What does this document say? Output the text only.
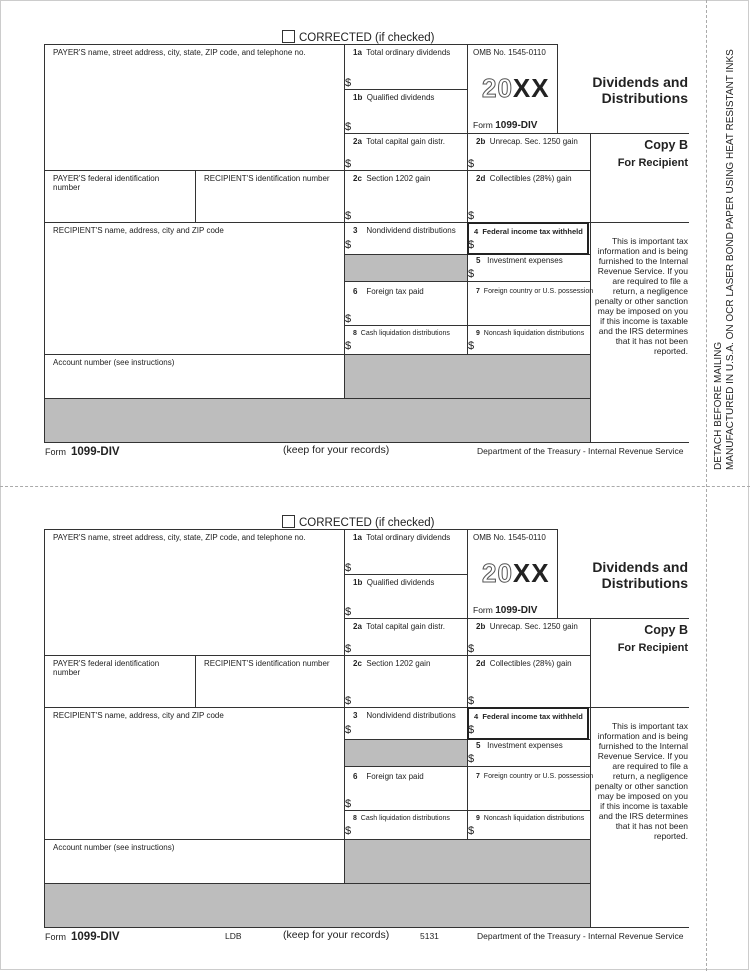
DETACH BEFORE MAILING MANUFACTURED IN U.S.A. ON OCR LASER BOND PAPER USING HEAT RESISTANT INKS
CORRECTED (if checked)
PAYER'S name, street address, city, state, ZIP code, and telephone no.
PAYER'S federal identification number
RECIPIENT'S identification number
RECIPIENT'S name, address, city and ZIP code
Account number (see instructions)
1a Total ordinary dividends
$
1b Qualified dividends
$
2a Total capital gain distr.
$
2b Unrecap. Sec. 1250 gain
$
2c Section 1202 gain
$
2d Collectibles (28%) gain
$
3 Nondividend distributions
$
4 Federal income tax withheld
$
5 Investment expenses
$
6 Foreign tax paid
$
7 Foreign country or U.S. possession
8 Cash liquidation distributions
$
9 Noncash liquidation distributions
$
OMB No. 1545-0110
20XX
Form 1099-DIV
Dividends and Distributions
Copy B
For Recipient
This is important tax information and is being furnished to the Internal Revenue Service. If you are required to file a return, a negligence penalty or other sanction may be imposed on you if this income is taxable and the IRS determines that it has not been reported.
Form 1099-DIV	(keep for your records)	Department of the Treasury - Internal Revenue Service
CORRECTED (if checked)
PAYER'S name, street address, city, state, ZIP code, and telephone no.
PAYER'S federal identification number
RECIPIENT'S identification number
RECIPIENT'S name, address, city and ZIP code
Account number (see instructions)
1a Total ordinary dividends
$
1b Qualified dividends
$
2a Total capital gain distr.
$
2b Unrecap. Sec. 1250 gain
$
2c Section 1202 gain
$
2d Collectibles (28%) gain
$
3 Nondividend distributions
$
4 Federal income tax withheld
$
5 Investment expenses
$
6 Foreign tax paid
$
7 Foreign country or U.S. possession
8 Cash liquidation distributions
$
9 Noncash liquidation distributions
$
OMB No. 1545-0110
20XX
Form 1099-DIV
Dividends and Distributions
Copy B
For Recipient
This is important tax information and is being furnished to the Internal Revenue Service. If you are required to file a return, a negligence penalty or other sanction may be imposed on you if this income is taxable and the IRS determines that it has not been reported.
Form 1099-DIV	(keep for your records)	Department of the Treasury - Internal Revenue Service
LDB	5131
